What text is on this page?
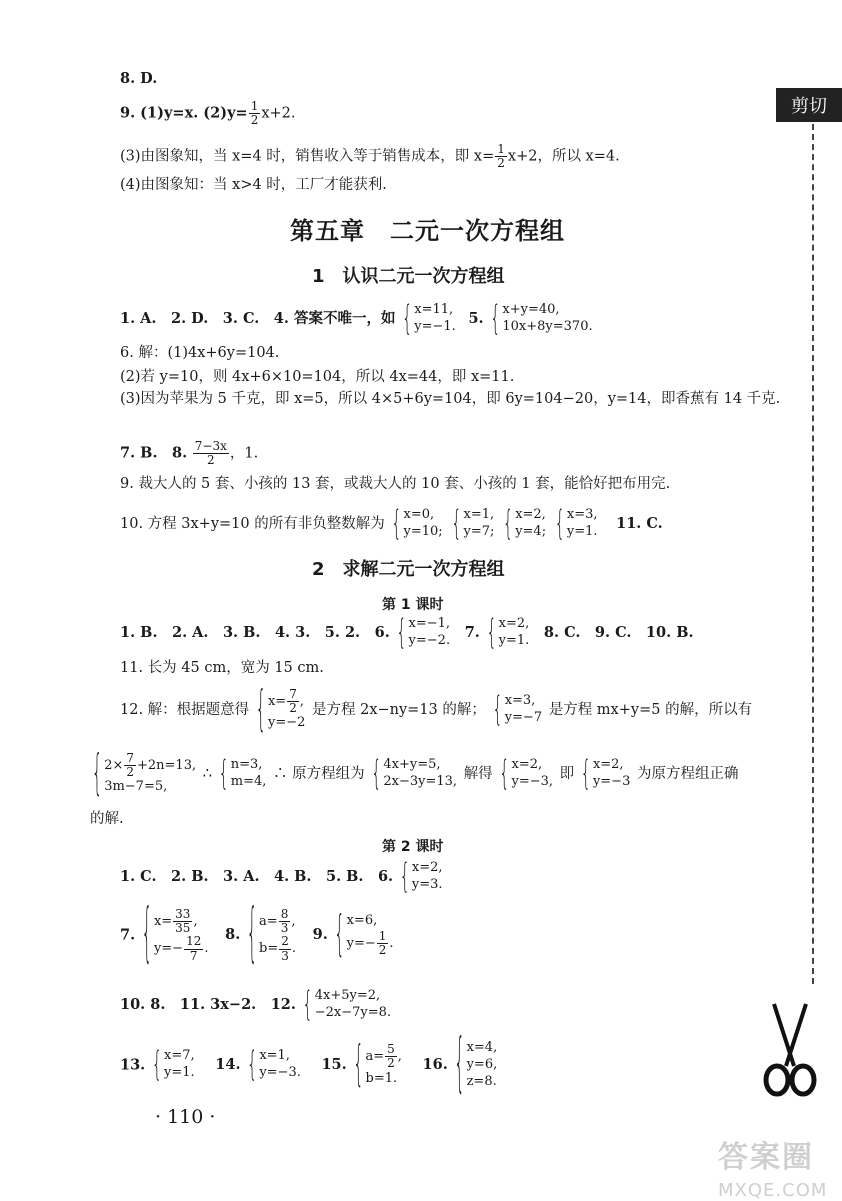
剪切
8. D.
9. (1)y=x. $(2)y= \frac{1}{2} x+2$.
(3)由图象知，当 x=4 时，销售收入等于销售成本，即 $x= \frac{1}{2} x+2$，所以 x=4.
(4)由图象知：当 x>4 时，工厂才能获利.
第五章　二元一次方程组
1　认识二元一次方程组
1. A.　2. D.　3. C.　4. 答案不唯一，如 { x=11,
y=−1. 5. { x+y=40,
10x+8y=370.
6. 解：(1)4x+6y=104.
(2)若 y=10，则 4x+6×10=104，所以 4x=44，即 x=11.
(3)因为苹果为 5 千克，即 x=5，所以 4×5+6y=104，即 6y=104−20，y=14，即香蕉有 14 千克.
7. B.　8. $\frac{7-3x}{2}$ ，1.
9. 裁大人的 5 套、小孩的 13 套，或裁大人的 10 套、小孩的 1 套，能恰好把布用完.
10. 方程 3x+y=10 的所有非负整数解为 { x=0,
y=10;
{ x=1,
y=7;
{ x=2,
y=4;
{ x=3,
y=1. 11. C.
2　求解二元一次方程组
第 1 课时
1. B.　2. A.　3. B.　4. 3.　5. 2.　6. { x=−1,
y=−2. 7. { x=2,
y=1. 8. C.　9. C.　10. B.
11. 长为 45 cm，宽为 15 cm.
12. 解：根据题意得 { $x= \frac{7}{2}$ ,
y=−2
是方程 2x−ny=13 的解； { x=3,
y=−7 是方程 mx+y=5 的解，所以有
{ $2\times \frac{7}{2} +2n=13$,
3m−7=5,
∴ { n=3,
m=4, ∴ 原方程组为 { 4x+y=5,
2x−3y=13, 解得 { x=2,
y=−3, 即 { x=2,
y=−3 为原方程组正确
的解.
第 2 课时
1. C.　2. B.　3. A.　4. B.　5. B.　6. { x=2,
y=3.
7. { $x= \frac{33}{35}$ ,
$y=- \frac{12}{7}$ .
8. { $a= \frac{8}{3}$ ,
$b= \frac{2}{3}$ .
9. { x=6,
$y=- \frac{1}{2}$ .
10. 8.　11. 3x−2.　12. { 4x+5y=2,
−2x−7y=8.
13. { x=7,
y=1. 14. { x=1,
y=−3. 15. { $a= \frac{5}{2}$ ,
b=1.
16. { x=4,
y=6,
z=8.
· 110 ·
答案圈
MXQE.COM
